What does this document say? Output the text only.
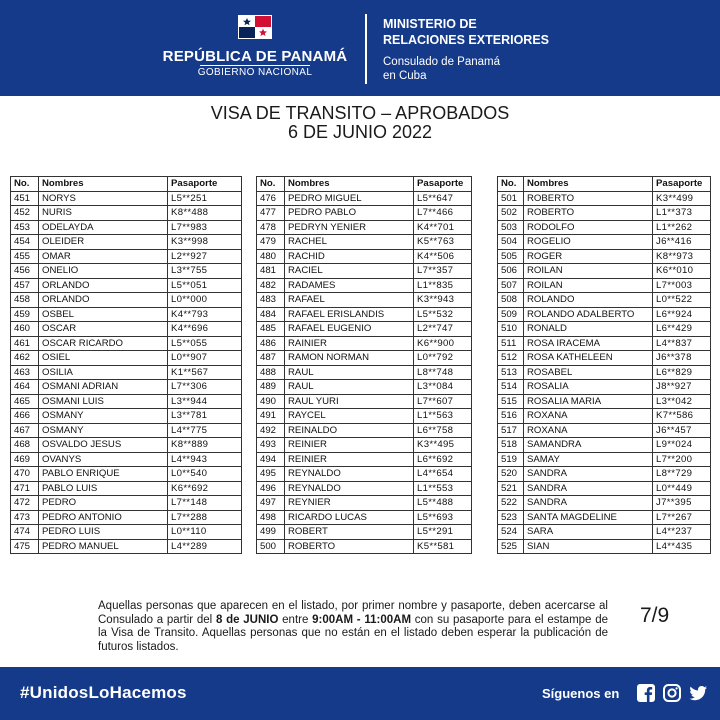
REPÚBLICA DE PANAMÁ
GOBIERNO NACIONAL
MINISTERIO DE
RELACIONES EXTERIORES
Consulado de Panamá
en Cuba
VISA DE TRANSITO – APROBADOS
6 DE JUNIO 2022
No.	Nombres	Pasaporte
451	NORYS	L5**251
452	NURIS	K8**488
453	ODELAYDA	L7**983
454	OLEIDER	K3**998
455	OMAR	L2**927
456	ONELIO	L3**755
457	ORLANDO	L5**051
458	ORLANDO	L0**000
459	OSBEL	K4**793
460	OSCAR	K4**696
461	OSCAR RICARDO	L5**055
462	OSIEL	L0**907
463	OSILIA	K1**567
464	OSMANI ADRIAN	L7**306
465	OSMANI LUIS	L3**944
466	OSMANY	L3**781
467	OSMANY	L4**775
468	OSVALDO JESUS	K8**889
469	OVANYS	L4**943
470	PABLO ENRIQUE	L0**540
471	PABLO LUIS	K6**692
472	PEDRO	L7**148
473	PEDRO ANTONIO	L7**288
474	PEDRO LUIS	L0**110
475	PEDRO MANUEL	L4**289
No.	Nombres	Pasaporte
476	PEDRO MIGUEL	L5**647
477	PEDRO PABLO	L7**466
478	PEDRYN YENIER	K4**701
479	RACHEL	K5**763
480	RACHID	K4**506
481	RACIEL	L7**357
482	RADAMES	L1**835
483	RAFAEL	K3**943
484	RAFAEL ERISLANDIS	L5**532
485	RAFAEL EUGENIO	L2**747
486	RAINIER	K6**900
487	RAMON NORMAN	L0**792
488	RAUL	L8**748
489	RAUL	L3**084
490	RAUL YURI	L7**607
491	RAYCEL	L1**563
492	REINALDO	L6**758
493	REINIER	K3**495
494	REINIER	L6**692
495	REYNALDO	L4**654
496	REYNALDO	L1**553
497	REYNIER	L5**488
498	RICARDO LUCAS	L5**693
499	ROBERT	L5**291
500	ROBERTO	K5**581
No.	Nombres	Pasaporte
501	ROBERTO	K3**499
502	ROBERTO	L1**373
503	RODOLFO	L1**262
504	ROGELIO	J6**416
505	ROGER	K8**973
506	ROILAN	K6**010
507	ROILAN	L7**003
508	ROLANDO	L0**522
509	ROLANDO ADALBERTO	L6**924
510	RONALD	L6**429
511	ROSA IRACEMA	L4**837
512	ROSA KATHELEEN	J6**378
513	ROSABEL	L6**829
514	ROSALIA	J8**927
515	ROSALIA MARIA	L3**042
516	ROXANA	K7**586
517	ROXANA	J6**457
518	SAMANDRA	L9**024
519	SAMAY	L7**200
520	SANDRA	L8**729
521	SANDRA	L0**449
522	SANDRA	J7**395
523	SANTA MAGDELINE	L7**267
524	SARA	L4**237
525	SIAN	L4**435
Aquellas personas que aparecen en el listado, por primer nombre y pasaporte, deben acercarse al Consulado a partir del 8 de JUNIO entre 9:00AM - 11:00AM con su pasaporte para el estampe de la Visa de Transito. Aquellas personas que no están en el listado deben esperar la publicación de futuros listados.
7/9
#UnidosLoHacemos	Síguenos en
